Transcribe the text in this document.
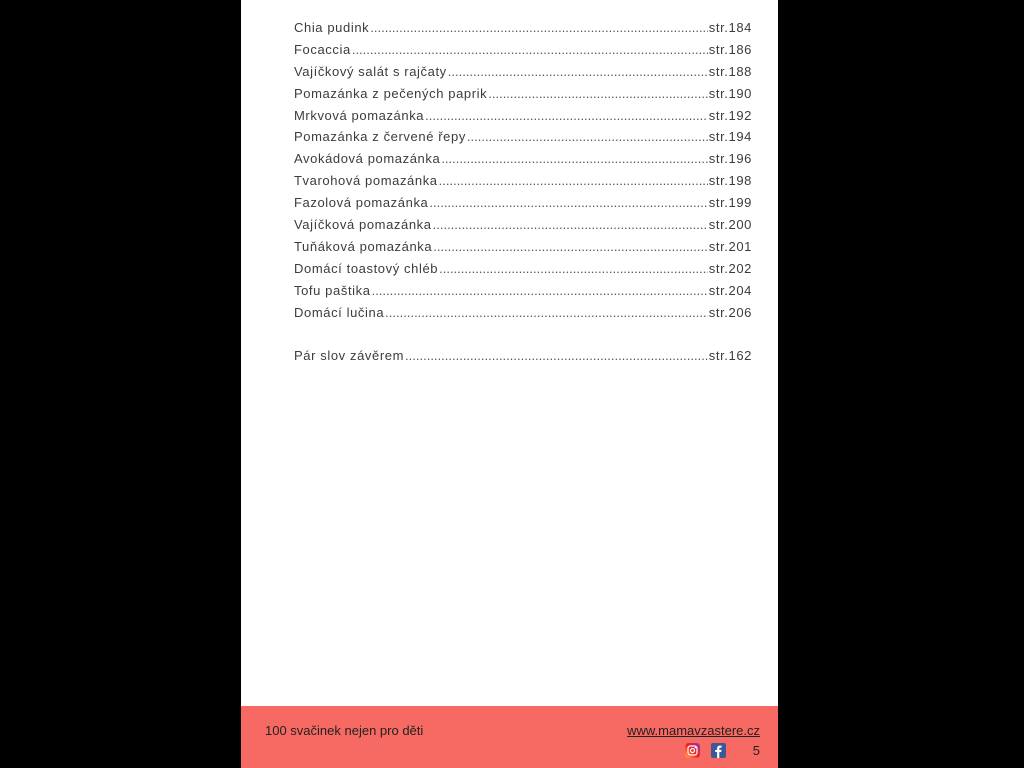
Chia pudink .....	str.184
Focaccia .....	str.186
Vajíčkový salát s rajčaty .....	str.188
Pomazánka z pečených paprik .....	str.190
Mrkvová pomazánka .....	str.192
Pomazánka z červené řepy .....	str.194
Avokádová pomazánka .....	str.196
Tvarohová pomazánka .....	str.198
Fazolová pomazánka .....	str.199
Vajíčková pomazánka .....	str.200
Tuňáková pomazánka .....	str.201
Domácí toastový chléb .....	str.202
Tofu paštika .....	str.204
Domácí lučina .....	str.206
Pár slov závěrem .....	str.162
100 svačinek nejen pro děti	www.mamavzastere.cz
5
